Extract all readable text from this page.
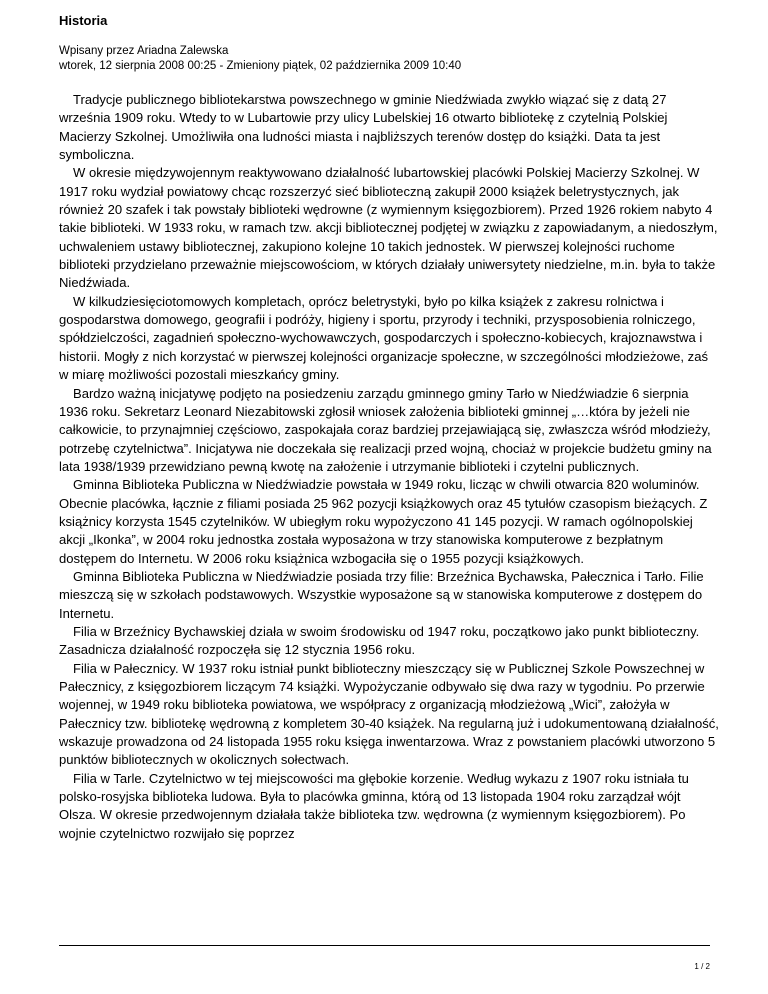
Historia
Wpisany przez Ariadna Zalewska
wtorek, 12 sierpnia 2008 00:25 - Zmieniony piątek, 02 października 2009 10:40

Tradycje publicznego bibliotekarstwa powszechnego w gminie Niedźwiada zwykło wiązać się z datą 27 września 1909 roku. Wtedy to w Lubartowie przy ulicy Lubelskiej 16 otwarto bibliotekę z czytelnią Polskiej Macierzy Szkolnej. Umożliwiła ona ludności miasta i najbliższych terenów dostęp do książki. Data ta jest symboliczna.

W okresie międzywojennym reaktywowano działalność lubartowskiej placówki Polskiej Macierzy Szkolnej. W 1917 roku wydział powiatowy chcąc rozszerzyć sieć biblioteczną zakupił 2000 książek beletrystycznych, jak również 20 szafek i tak powstały biblioteki wędrowne (z wymiennym księgozbiorem). Przed 1926 rokiem nabyto 4 takie biblioteki. W 1933 roku, w ramach tzw. akcji bibliotecznej podjętej w związku z zapowiadanym, a niedoszłym, uchwaleniem ustawy bibliotecznej, zakupiono kolejne 10 takich jednostek. W pierwszej kolejności ruchome biblioteki przydzielano przeważnie miejscowościom, w których działały uniwersytety niedzielne, m.in. była to także Niedźwiada.

W kilkudziesięciotomowych kompletach, oprócz beletrystyki, było po kilka książek z zakresu rolnictwa i gospodarstwa domowego, geografii i podróży, higieny i sportu, przyrody i techniki, przysposobienia rolniczego, spółdzielczości, zagadnień społeczno-wychowawczych, gospodarczych i społeczno-kobiecych, krajoznawstwa i historii. Mogły z nich korzystać w pierwszej kolejności organizacje społeczne, w szczególności młodzieżowe, zaś w miarę możliwości pozostali mieszkańcy gminy.

Bardzo ważną inicjatywę podjęto na posiedzeniu zarządu gminnego gminy Tarło w Niedźwiadzie 6 sierpnia 1936 roku. Sekretarz Leonard Niezabitowski zgłosił wniosek założenia biblioteki gminnej „…która by jeżeli nie całkowicie, to przynajmniej częściowo, zaspokajała coraz bardziej przejawiającą się, zwłaszcza wśród młodzieży, potrzebę czytelnictwa”. Inicjatywa nie doczekała się realizacji przed wojną, chociaż w projekcie budżetu gminy na lata 1938/1939 przewidziano pewną kwotę na założenie i utrzymanie biblioteki i czytelni publicznych.

Gminna Biblioteka Publiczna w Niedźwiadzie powstała w 1949 roku, licząc w chwili otwarcia 820 woluminów. Obecnie placówka, łącznie z filiami posiada 25 962 pozycji książkowych oraz 45 tytułów czasopism bieżących. Z książnicy korzysta 1545 czytelników. W ubiegłym roku wypożyczono 41 145 pozycji. W ramach ogólnopolskiej akcji „Ikonka”, w 2004 roku jednostka została wyposażona w trzy stanowiska komputerowe z bezpłatnym dostępem do Internetu. W 2006 roku książnica wzbogaciła się o 1955 pozycji książkowych.

Gminna Biblioteka Publiczna w Niedźwiadzie posiada trzy filie: Brzeźnica Bychawska, Pałecznica i Tarło. Filie mieszczą się w szkołach podstawowych. Wszystkie wyposażone są w stanowiska komputerowe z dostępem do Internetu.

Filia w Brzeźnicy Bychawskiej działa w swoim środowisku od 1947 roku, początkowo jako punkt biblioteczny. Zasadnicza działalność rozpoczęła się 12 stycznia 1956 roku.

Filia w Pałecznicy. W 1937 roku istniał punkt biblioteczny mieszczący się w Publicznej Szkole Powszechnej w Pałecznicy, z księgozbiorem liczącym 74 książki. Wypożyczanie odbywało się dwa razy w tygodniu. Po przerwie wojennej, w 1949 roku biblioteka powiatowa, we współpracy z organizacją młodzieżową „Wici”, założyła w Pałecznicy tzw. bibliotekę wędrowną z kompletem 30-40 książek. Na regularną już i udokumentowaną działalność, wskazuje prowadzona od 24 listopada 1955 roku księga inwentarzowa. Wraz z powstaniem placówki utworzono 5 punktów bibliotecznych w okolicznych sołectwach.

Filia w Tarle. Czytelnictwo w tej miejscowości ma głębokie korzenie. Według wykazu z 1907 roku istniała tu polsko-rosyjska biblioteka ludowa. Była to placówka gminna, którą od 13 listopada 1904 roku zarządzał wójt Olsza. W okresie przedwojennym działała także biblioteka tzw. wędrowna (z wymiennym księgozbiorem). Po wojnie czytelnictwo rozwijało się poprzez

1 / 2
